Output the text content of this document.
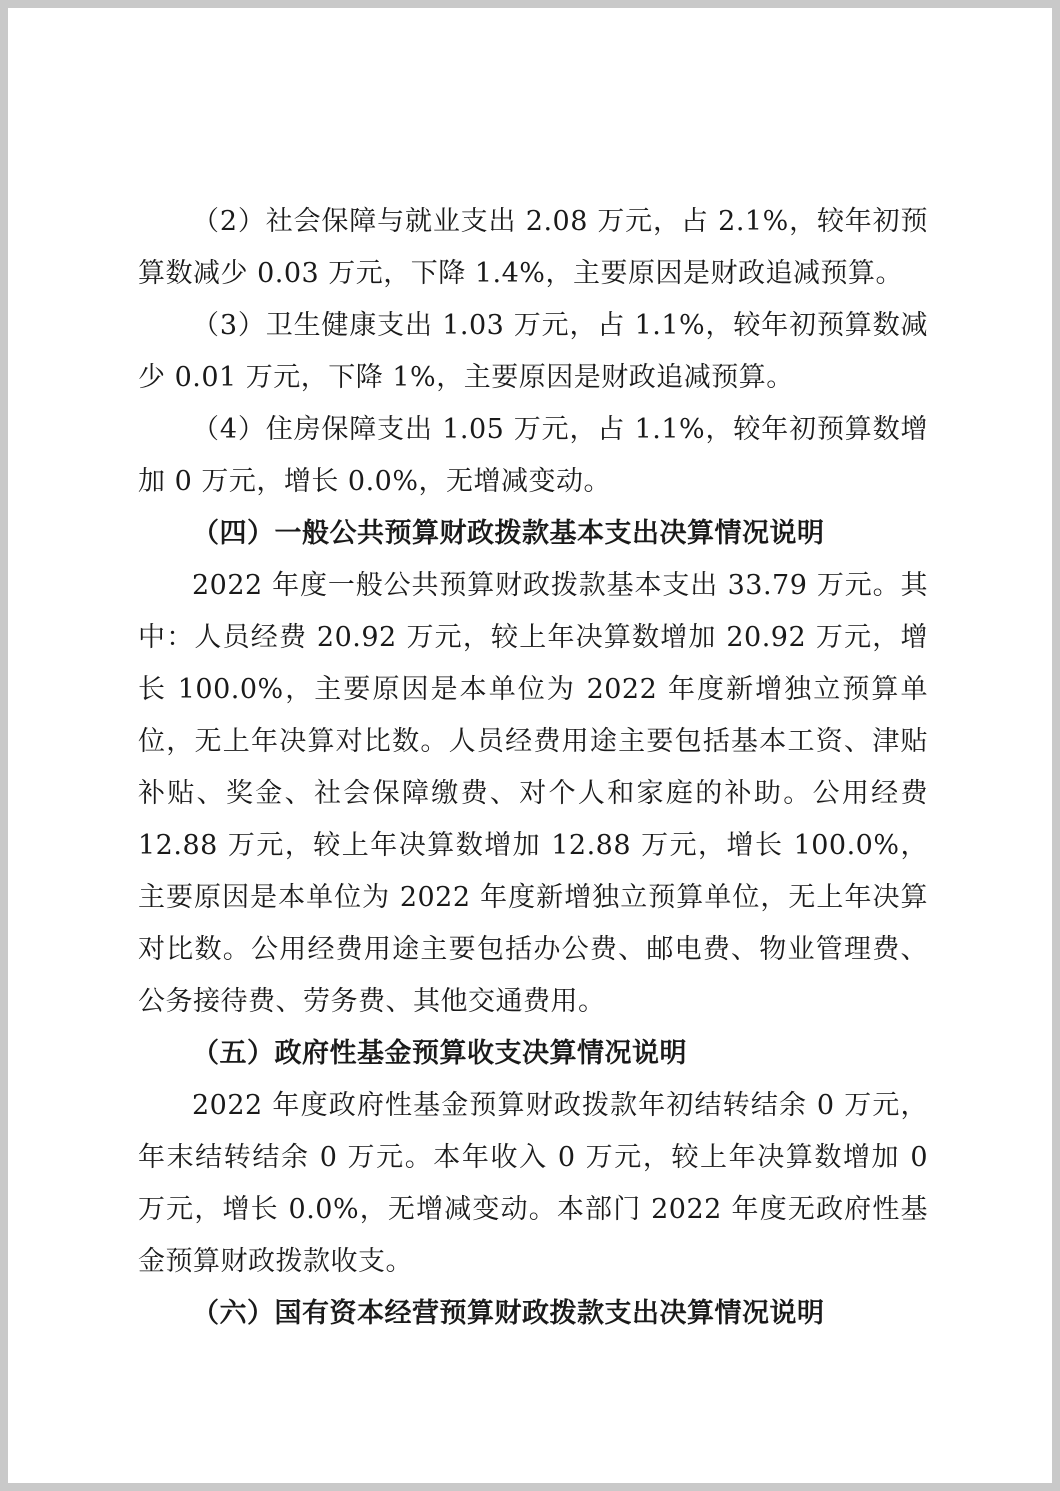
（2）社会保障与就业支出 2.08 万元，占 2.1%，较年初预算数减少 0.03 万元，下降 1.4%，主要原因是财政追减预算。

（3）卫生健康支出 1.03 万元，占 1.1%，较年初预算数减少 0.01 万元，下降 1%，主要原因是财政追减预算。

（4）住房保障支出 1.05 万元，占 1.1%，较年初预算数增加 0 万元，增长 0.0%，无增减变动。

（四）一般公共预算财政拨款基本支出决算情况说明

2022 年度一般公共预算财政拨款基本支出 33.79 万元。其中：人员经费 20.92 万元，较上年决算数增加 20.92 万元，增长 100.0%，主要原因是本单位为 2022 年度新增独立预算单位，无上年决算对比数。人员经费用途主要包括基本工资、津贴补贴、奖金、社会保障缴费、对个人和家庭的补助。公用经费 12.88 万元，较上年决算数增加 12.88 万元，增长 100.0%，主要原因是本单位为 2022 年度新增独立预算单位，无上年决算对比数。公用经费用途主要包括办公费、邮电费、物业管理费、公务接待费、劳务费、其他交通费用。

（五）政府性基金预算收支决算情况说明

2022 年度政府性基金预算财政拨款年初结转结余 0 万元，年末结转结余 0 万元。本年收入 0 万元，较上年决算数增加 0 万元，增长 0.0%，无增减变动。本部门 2022 年度无政府性基金预算财政拨款收支。

（六）国有资本经营预算财政拨款支出决算情况说明
